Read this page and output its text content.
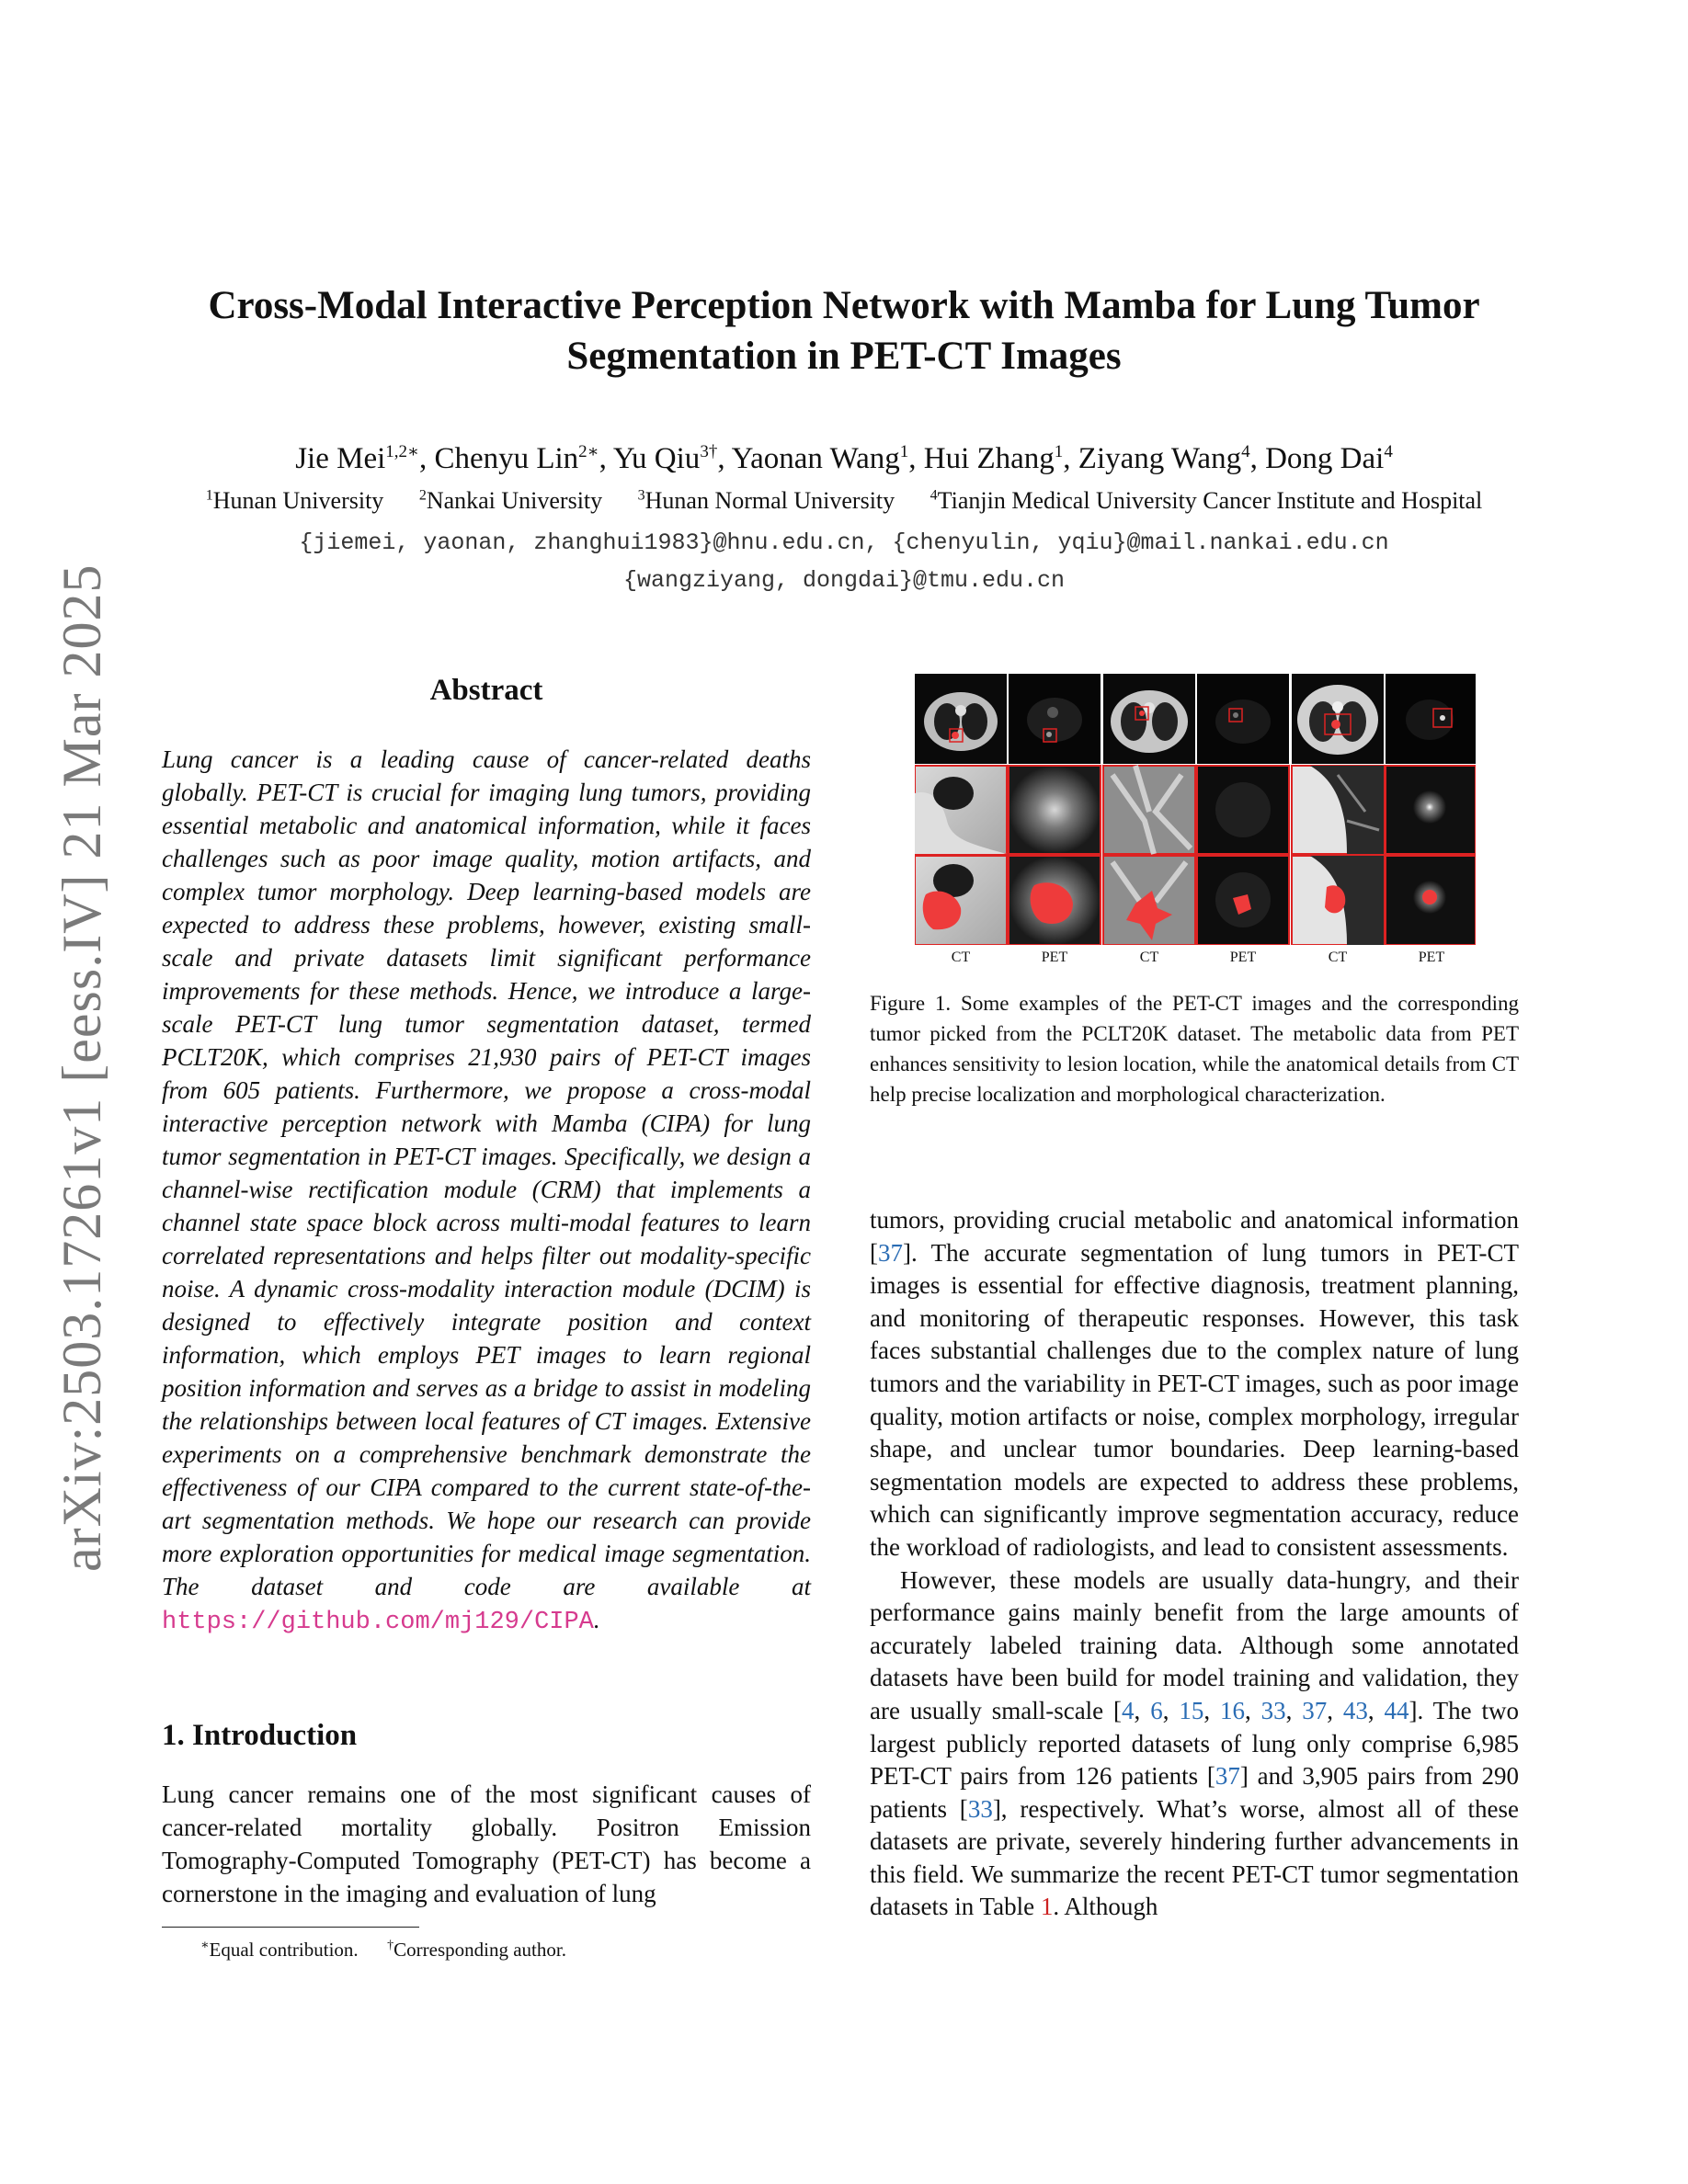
arXiv:2503.17261v1 [eess.IV] 21 Mar 2025
Cross-Modal Interactive Perception Network with Mamba for Lung Tumor
Segmentation in PET-CT Images
Jie Mei$^{1,2∗}$, Chenyu Lin$^{2∗}$, Yu Qiu$^{3\dagger}$, Yaonan Wang$^1$, Hui Zhang$^1$, Ziyang Wang$^4$, Dong Dai$^4$
$^1$Hunan University $^2$Nankai University $^3$Hunan Normal University $^4$Tianjin Medical University Cancer Institute and Hospital
{jiemei, yaonan, zhanghui1983}@hnu.edu.cn, {chenyulin, yqiu}@mail.nankai.edu.cn
{wangziyang, dongdai}@tmu.edu.cn
Abstract

Lung cancer is a leading cause of cancer-related deaths globally. PET-CT is crucial for imaging lung tumors, providing essential metabolic and anatomical information, while it faces challenges such as poor image quality, motion artifacts, and complex tumor morphology. Deep learning-based models are expected to address these problems, however, existing small-scale and private datasets limit significant performance improvements for these methods. Hence, we introduce a large-scale PET-CT lung tumor segmentation dataset, termed PCLT20K, which comprises 21,930 pairs of PET-CT images from 605 patients. Furthermore, we propose a cross-modal interactive perception network with Mamba (CIPA) for lung tumor segmentation in PET-CT images. Specifically, we design a channel-wise rectification module (CRM) that implements a channel state space block across multi-modal features to learn correlated representations and helps filter out modality-specific noise. A dynamic cross-modality interaction module (DCIM) is designed to effectively integrate position and context information, which employs PET images to learn regional position information and serves as a bridge to assist in modeling the relationships between local features of CT images. Extensive experiments on a comprehensive benchmark demonstrate the effectiveness of our CIPA compared to the current state-of-the-art segmentation methods. We hope our research can provide more exploration opportunities for medical image segmentation. The dataset and code are available at https://github.com/mj129/CIPA.

1. Introduction

Lung cancer remains one of the most significant causes of cancer-related mortality globally. Positron Emission Tomography-Computed Tomography (PET-CT) has become a cornerstone in the imaging and evaluation of lung

∗Equal contribution. †Corresponding author.
CT	PET	CT	PET	CT	PET

Figure 1. Some examples of the PET-CT images and the corresponding tumor picked from the PCLT20K dataset. The metabolic data from PET enhances sensitivity to lesion location, while the anatomical details from CT help precise localization and morphological characterization.

tumors, providing crucial metabolic and anatomical information [37]. The accurate segmentation of lung tumors in PET-CT images is essential for effective diagnosis, treatment planning, and monitoring of therapeutic responses. However, this task faces substantial challenges due to the complex nature of lung tumors and the variability in PET-CT images, such as poor image quality, motion artifacts or noise, complex morphology, irregular shape, and unclear tumor boundaries. Deep learning-based segmentation models are expected to address these problems, which can significantly improve segmentation accuracy, reduce the workload of radiologists, and lead to consistent assessments.

However, these models are usually data-hungry, and their performance gains mainly benefit from the large amounts of accurately labeled training data. Although some annotated datasets have been build for model training and validation, they are usually small-scale [4, 6, 15, 16, 33, 37, 43, 44]. The two largest publicly reported datasets of lung only comprise 6,985 PET-CT pairs from 126 patients [37] and 3,905 pairs from 290 patients [33], respectively. What’s worse, almost all of these datasets are private, severely hindering further advancements in this field. We summarize the recent PET-CT tumor segmentation datasets in Table 1. Although
